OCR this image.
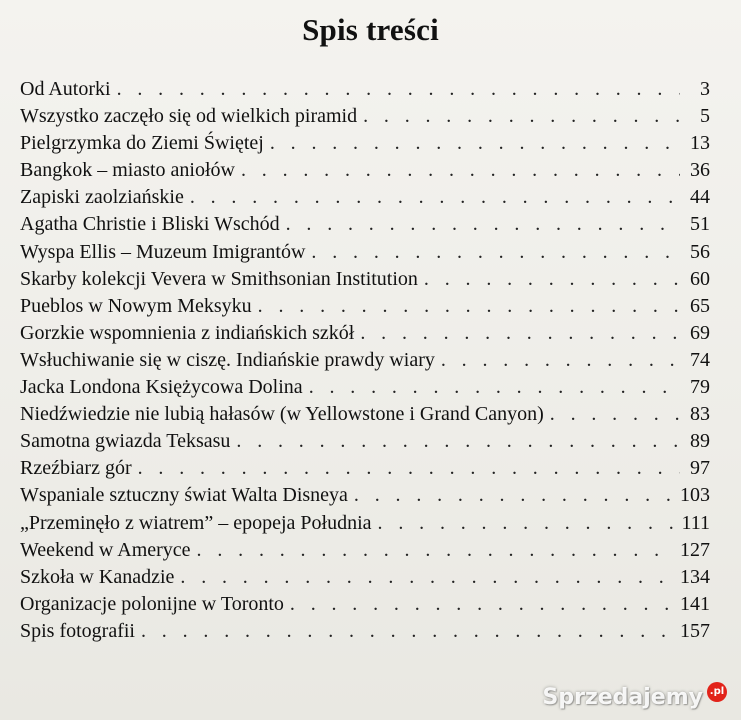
Spis treści
Od Autorki . . .	3
Wszystko zaczęło się od wielkich piramid . . .	5
Pielgrzymka do Ziemi Świętej . . .	13
Bangkok – miasto aniołów . . .	36
Zapiski zaolziańskie . . .	44
Agatha Christie i Bliski Wschód . . .	51
Wyspa Ellis – Muzeum Imigrantów . . .	56
Skarby kolekcji Vevera w Smithsonian Institution . . .	60
Pueblos w Nowym Meksyku . . .	65
Gorzkie wspomnienia z indiańskich szkół . . .	69
Wsłuchiwanie się w ciszę. Indiańskie prawdy wiary . . .	74
Jacka Londona Księżycowa Dolina . . .	79
Niedźwiedzie nie lubią hałasów (w Yellowstone i Grand Canyon) . . .	83
Samotna gwiazda Teksasu . . .	89
Rzeźbiarz gór . . .	97
Wspaniale sztuczny świat Walta Disneya . . .	103
„Przeminęło z wiatrem” – epopeja Południa . . .	111
Weekend w Ameryce . . .	127
Szkoła w Kanadzie . . .	134
Organizacje polonijne w Toronto . . .	141
Spis fotografii . . .	157
Sprzedajemy .pl
